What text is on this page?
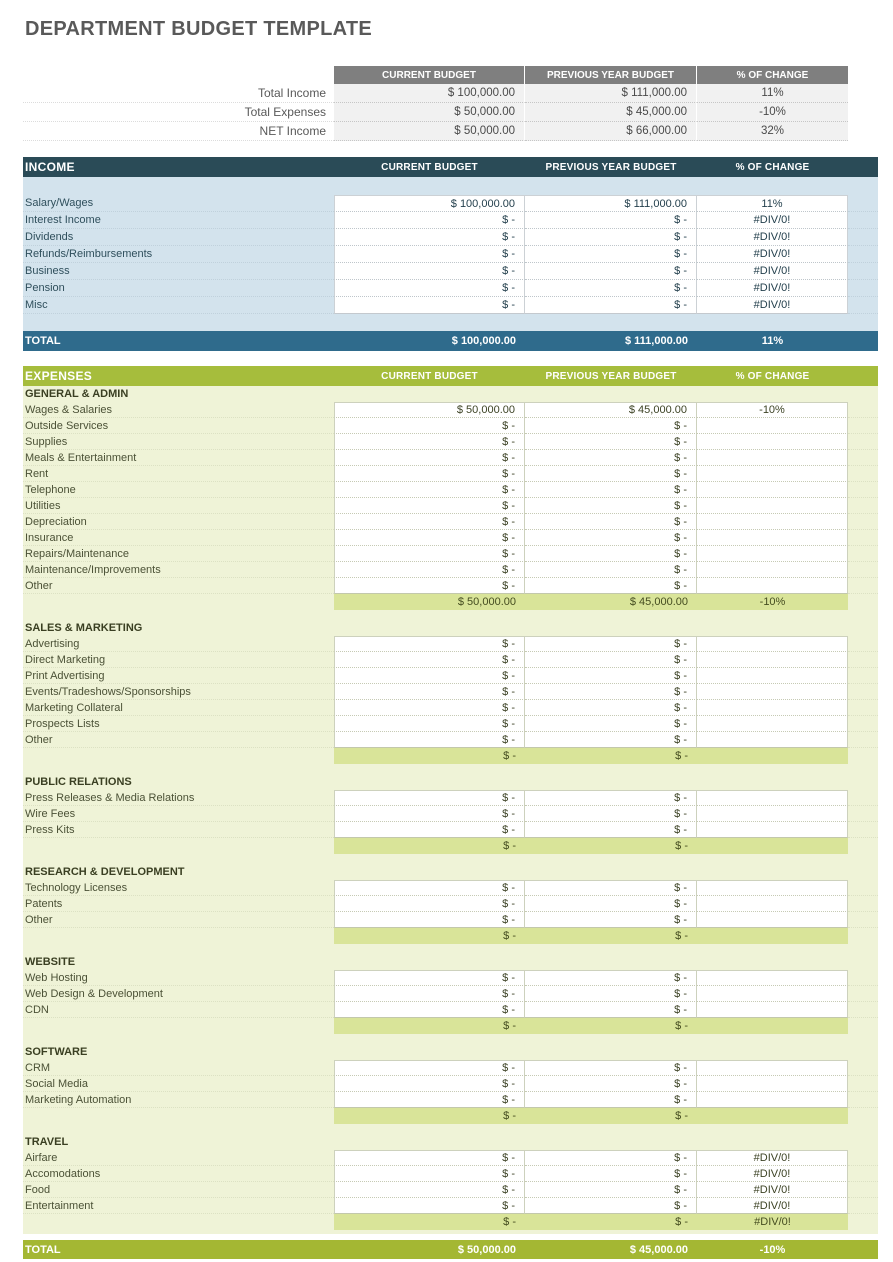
DEPARTMENT BUDGET TEMPLATE
CURRENT BUDGET	PREVIOUS YEAR BUDGET	% OF CHANGE
Total Income	$ 100,000.00	$ 111,000.00	11%
Total Expenses	$ 50,000.00	$ 45,000.00	-10%
NET Income	$ 50,000.00	$ 66,000.00	32%
INCOME	CURRENT BUDGET	PREVIOUS YEAR BUDGET	% OF CHANGE
Salary/Wages	$ 100,000.00	$ 111,000.00	11%
Interest Income	$ -	$ -	#DIV/0!
Dividends	$ -	$ -	#DIV/0!
Refunds/Reimbursements	$ -	$ -	#DIV/0!
Business	$ -	$ -	#DIV/0!
Pension	$ -	$ -	#DIV/0!
Misc	$ -	$ -	#DIV/0!
TOTAL	$ 100,000.00	$ 111,000.00	11%
EXPENSES	CURRENT BUDGET	PREVIOUS YEAR BUDGET	% OF CHANGE
GENERAL & ADMIN
Wages & Salaries	$ 50,000.00	$ 45,000.00	-10%
Outside Services	$ -	$ -
Supplies	$ -	$ -
Meals & Entertainment	$ -	$ -
Rent	$ -	$ -
Telephone	$ -	$ -
Utilities	$ -	$ -
Depreciation	$ -	$ -
Insurance	$ -	$ -
Repairs/Maintenance	$ -	$ -
Maintenance/Improvements	$ -	$ -
Other	$ -	$ -
$ 50,000.00	$ 45,000.00	-10%
SALES & MARKETING
Advertising	$ -	$ -
Direct Marketing	$ -	$ -
Print Advertising	$ -	$ -
Events/Tradeshows/Sponsorships	$ -	$ -
Marketing Collateral	$ -	$ -
Prospects Lists	$ -	$ -
Other	$ -	$ -
$ -	$ -
PUBLIC RELATIONS
Press Releases & Media Relations	$ -	$ -
Wire Fees	$ -	$ -
Press Kits	$ -	$ -
$ -	$ -
RESEARCH & DEVELOPMENT
Technology Licenses	$ -	$ -
Patents	$ -	$ -
Other	$ -	$ -
$ -	$ -
WEBSITE
Web Hosting	$ -	$ -
Web Design & Development	$ -	$ -
CDN	$ -	$ -
$ -	$ -
SOFTWARE
CRM	$ -	$ -
Social Media	$ -	$ -
Marketing Automation	$ -	$ -
$ -	$ -
TRAVEL
Airfare	$ -	$ -	#DIV/0!
Accomodations	$ -	$ -	#DIV/0!
Food	$ -	$ -	#DIV/0!
Entertainment	$ -	$ -	#DIV/0!
$ -	$ -	#DIV/0!
TOTAL	$ 50,000.00	$ 45,000.00	-10%
